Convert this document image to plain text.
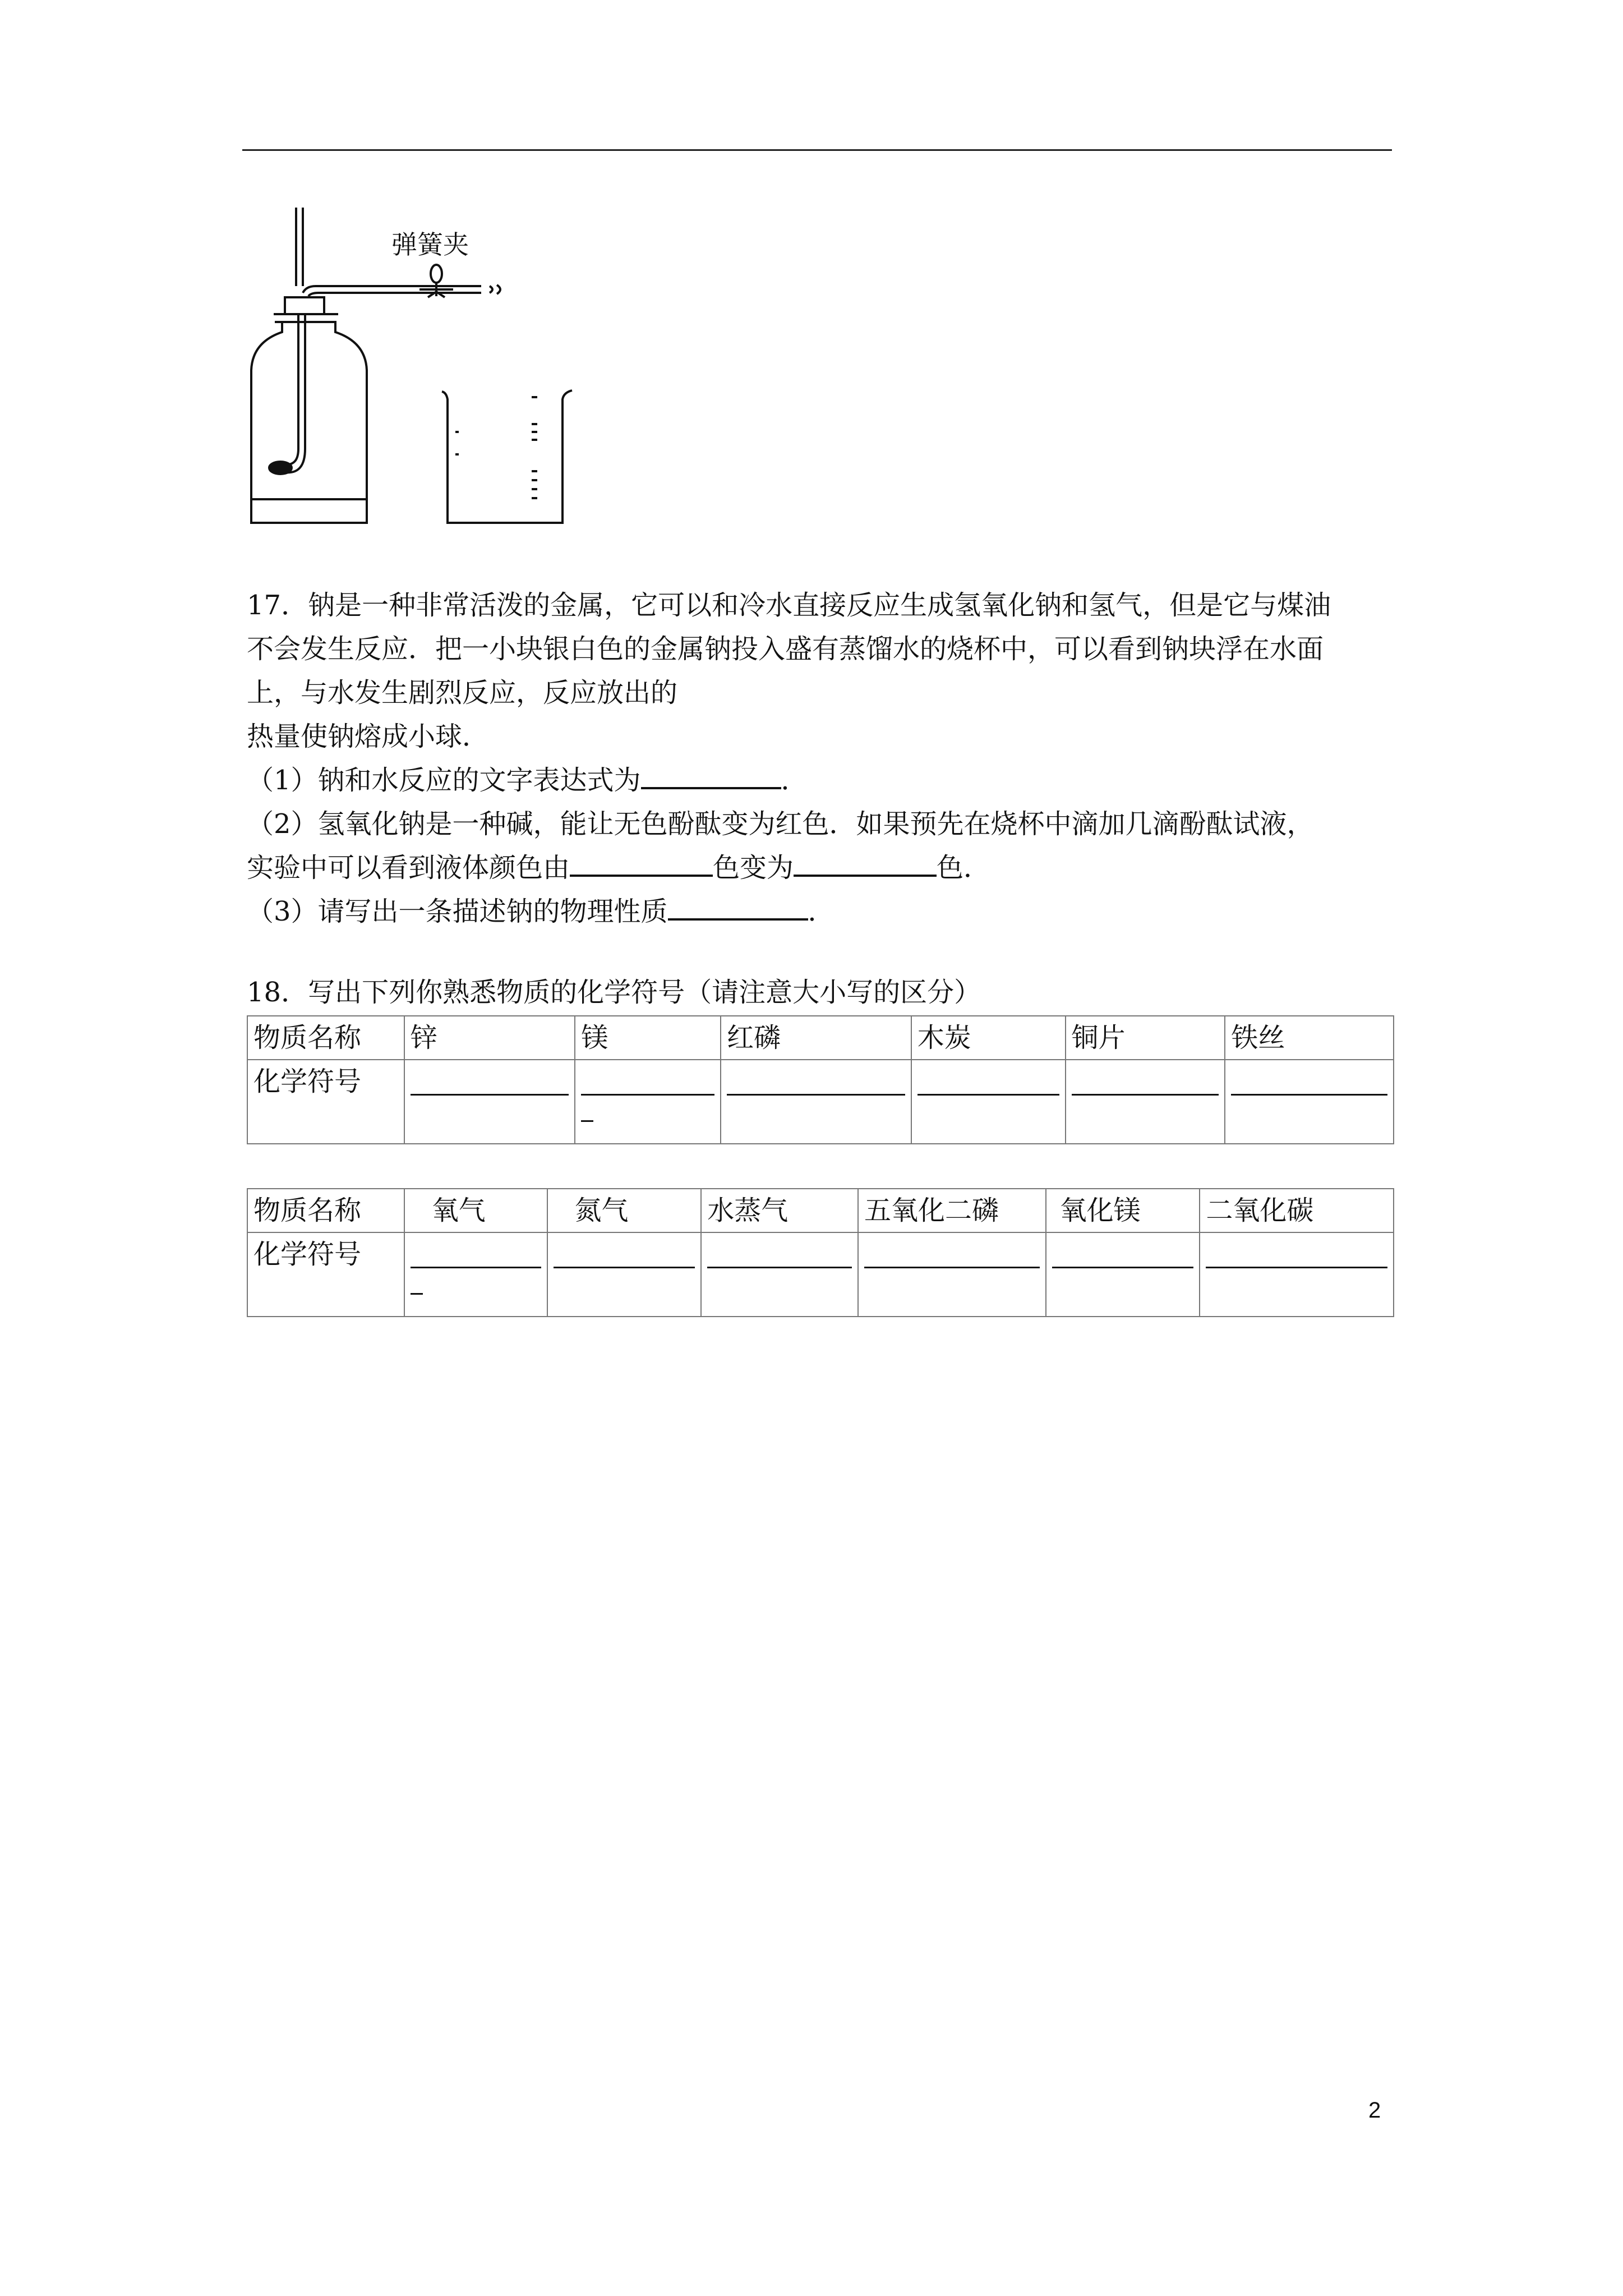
弹簧夹

17．钠是一种非常活泼的金属，它可以和冷水直接反应生成氢氧化钠和氢气，但是它与煤油

不会发生反应．把一小块银白色的金属钠投入盛有蒸馏水的烧杯中，可以看到钠块浮在水面

上，与水发生剧烈反应，反应放出的

热量使钠熔成小球．

（1）钠和水反应的文字表达式为	．

（2）氢氧化钠是一种碱，能让无色酚酞变为红色．如果预先在烧杯中滴加几滴酚酞试液，

实验中可以看到液体颜色由	色变为	色．

（3）请写出一条描述钠的物理性质	．

18．写出下列你熟悉物质的化学符号（请注意大小写的区分）

物质名称	锌	镁	红磷	木炭	铜片	铁丝
化学符号	

物质名称	氧气	氮气	水蒸气	五氧化二磷	氧化镁	二氧化碳
化学符号	

2
